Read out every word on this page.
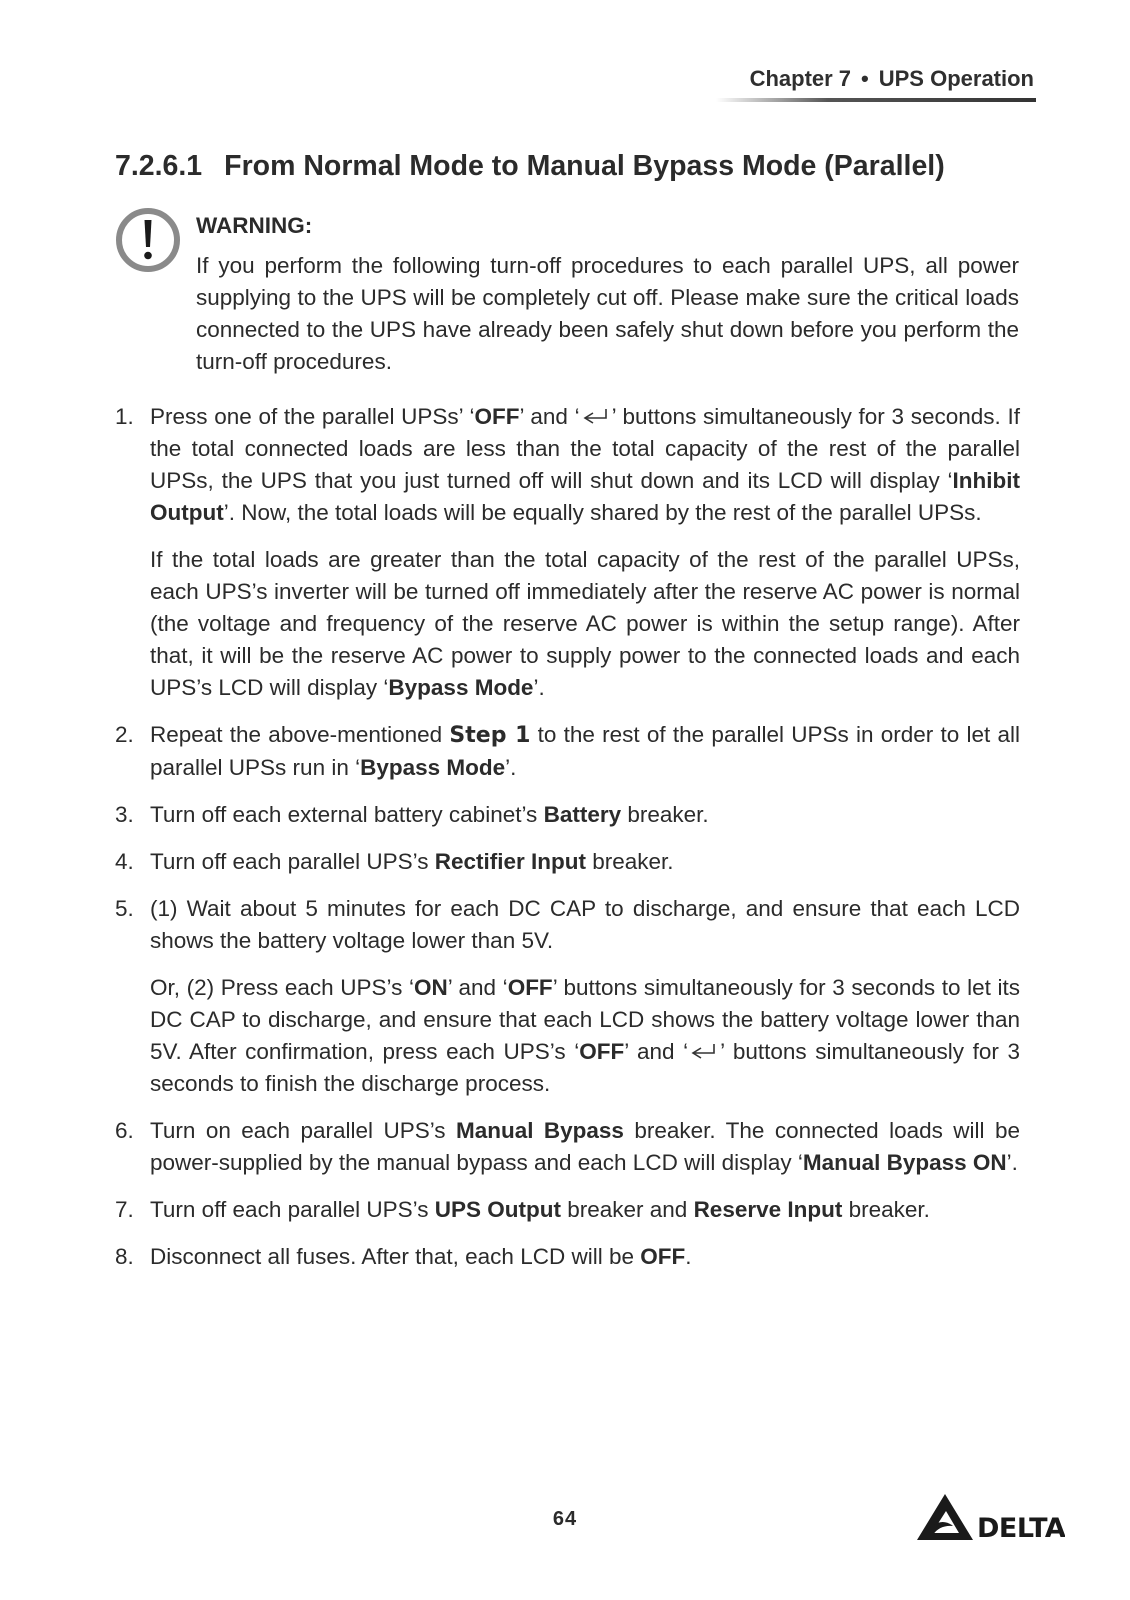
Chapter 7 • UPS Operation
7.2.6.1 From Normal Mode to Manual Bypass Mode (Parallel)
WARNING:
If you perform the following turn-off procedures to each parallel UPS, all power supplying to the UPS will be completely cut off. Please make sure the critical loads connected to the UPS have already been safely shut down before you perform the turn-off procedures.
1. Press one of the parallel UPSs’ ‘OFF’ and ‘ ’ buttons simultaneously for 3 seconds. If the total connected loads are less than the total capacity of the rest of the parallel UPSs, the UPS that you just turned off will shut down and its LCD will display ‘Inhibit Output’. Now, the total loads will be equally shared by the rest of the parallel UPSs.

If the total loads are greater than the total capacity of the rest of the parallel UPSs, each UPS’s inverter will be turned off immediately after the reserve AC power is normal (the voltage and frequency of the reserve AC power is within the setup range). After that, it will be the reserve AC power to supply power to the connected loads and each UPS’s LCD will display ‘Bypass Mode’.

2. Repeat the above-mentioned Step 1 to the rest of the parallel UPSs in order to let all parallel UPSs run in ‘Bypass Mode’.

3. Turn off each external battery cabinet’s Battery breaker.

4. Turn off each parallel UPS’s Rectifier Input breaker.

5. (1) Wait about 5 minutes for each DC CAP to discharge, and ensure that each LCD shows the battery voltage lower than 5V.

Or, (2) Press each UPS’s ‘ON’ and ‘OFF’ buttons simultaneously for 3 seconds to let its DC CAP to discharge, and ensure that each LCD shows the battery voltage lower than 5V. After confirmation, press each UPS’s ‘OFF’ and ‘ ’ buttons simultaneously for 3 seconds to finish the discharge process.

6. Turn on each parallel UPS’s Manual Bypass breaker. The connected loads will be power-supplied by the manual bypass and each LCD will display ‘Manual Bypass ON’.

7. Turn off each parallel UPS’s UPS Output breaker and Reserve Input breaker.

8. Disconnect all fuses. After that, each LCD will be OFF.

64	DELTA
